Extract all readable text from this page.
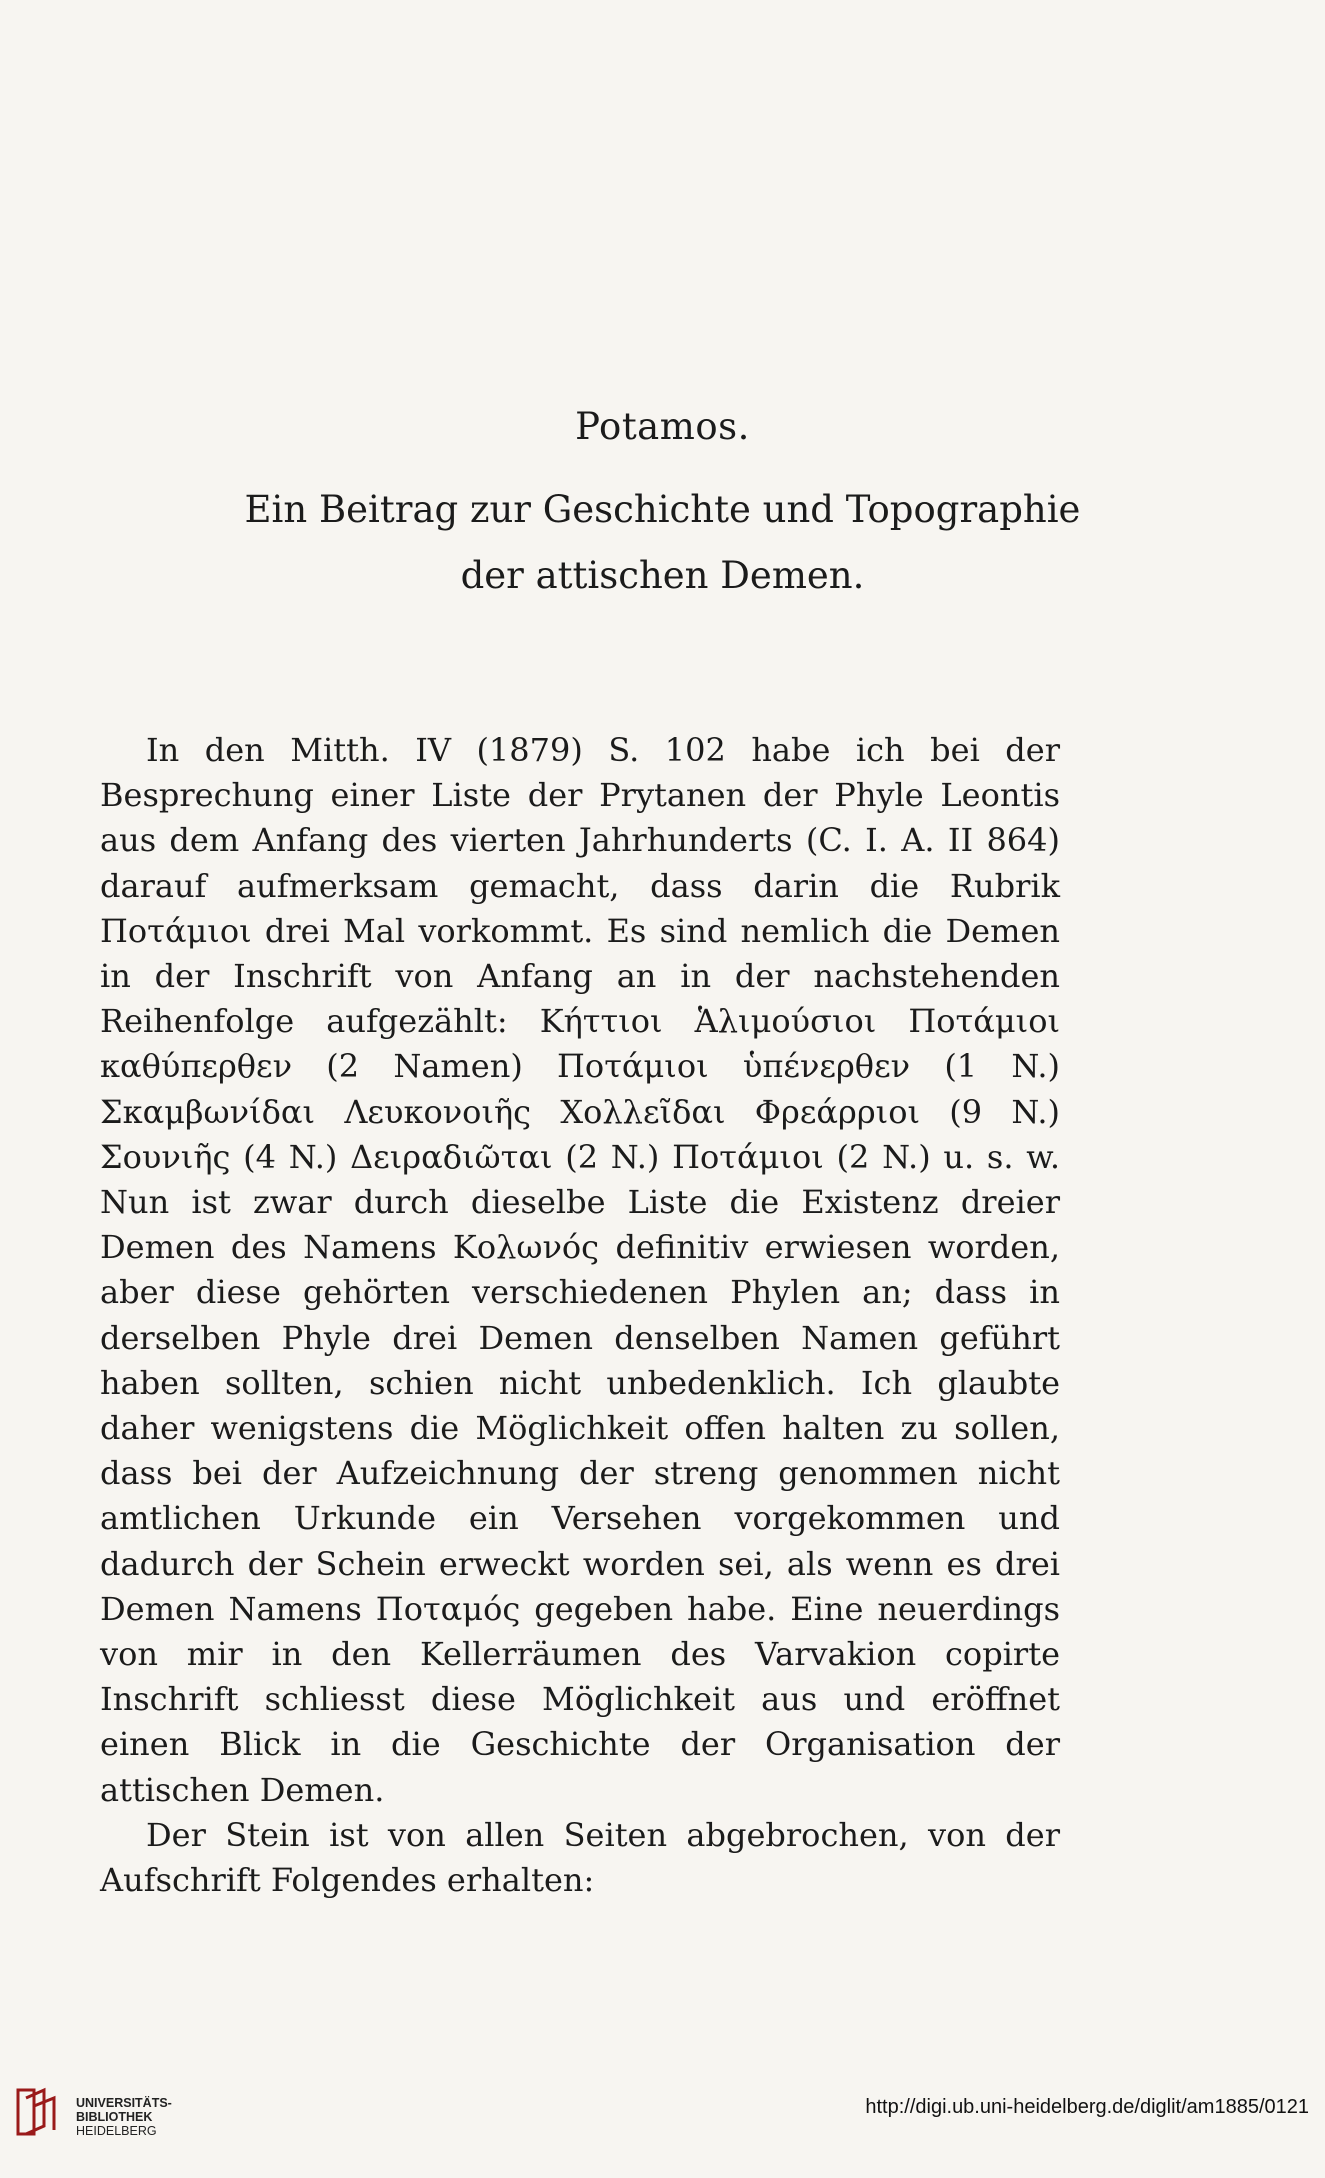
Potamos.
Ein Beitrag zur Geschichte und Topographie
der attischen Demen.

In den Mitth. IV (1879) S. 102 habe ich bei der Besprechung einer Liste der Prytanen der Phyle Leontis aus dem Anfang des vierten Jahrhunderts (C. I. A. II 864) darauf aufmerksam gemacht, dass darin die Rubrik Ποτάμιοι drei Mal vorkommt. Es sind nemlich die Demen in der Inschrift von Anfang an in der nachstehenden Reihenfolge aufgezählt: Κήττιοι Ἁλιμούσιοι Ποτάμιοι καθύπερθεν (2 Namen) Ποτάμιοι ὑπένερθεν (1 N.) Σκαμβωνίδαι Λευκονοιῆς Χολλεῖδαι Φρεάρριοι (9 N.) Σουνιῆς (4 N.) Δειραδιῶται (2 N.) Ποτάμιοι (2 N.) u. s. w. Nun ist zwar durch dieselbe Liste die Existenz dreier Demen des Namens Κολωνός definitiv erwiesen worden, aber diese gehörten verschiedenen Phylen an; dass in derselben Phyle drei Demen denselben Namen geführt haben sollten, schien nicht unbedenklich. Ich glaubte daher wenigstens die Möglichkeit offen halten zu sollen, dass bei der Aufzeichnung der streng genommen nicht amtlichen Urkunde ein Versehen vorgekommen und dadurch der Schein erweckt worden sei, als wenn es drei Demen Namens Ποταμός gegeben habe. Eine neuerdings von mir in den Kellerräumen des Varvakion copirte Inschrift schliesst diese Möglichkeit aus und eröffnet einen Blick in die Geschichte der Organisation der attischen Demen.

Der Stein ist von allen Seiten abgebrochen, von der Aufschrift Folgendes erhalten:

UNIVERSITÄTS-
BIBLIOTHEK
HEIDELBERG
http://digi.ub.uni-heidelberg.de/diglit/am1885/0121
